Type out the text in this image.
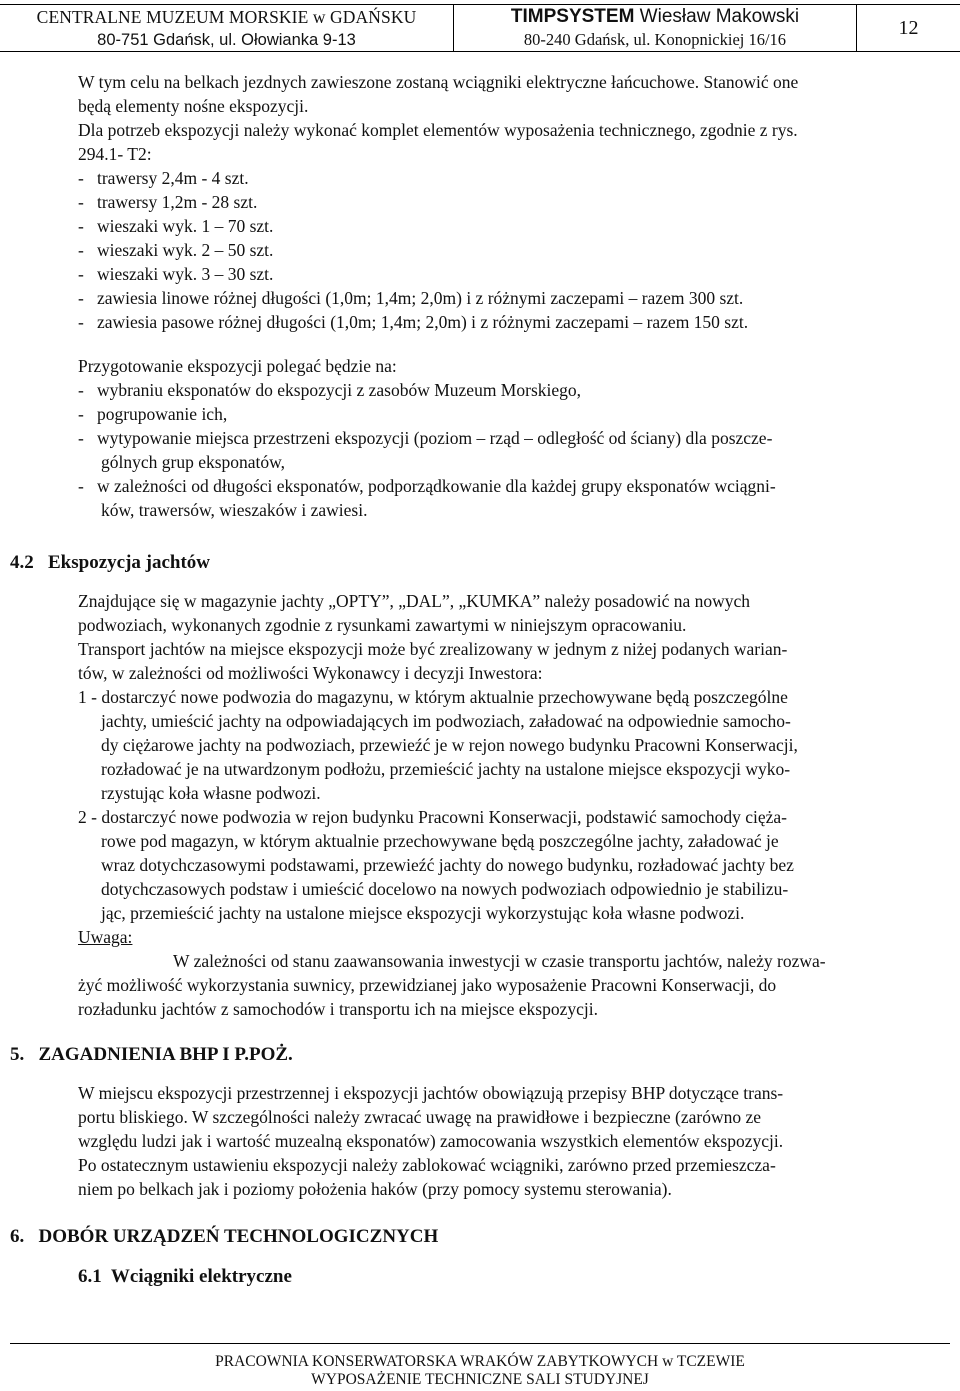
CENTRALNE MUZEUM MORSKIE w GDAŃSKU
80-751 Gdańsk, ul. Ołowianka 9-13
TIMPSYSTEM Wiesław Makowski
80-240 Gdańsk, ul. Konopnickiej 16/16
12
W tym celu na belkach jezdnych zawieszone zostaną wciągniki elektryczne łańcuchowe. Stanowić one
będą elementy nośne ekspozycji.
Dla potrzeb ekspozycji należy wykonać komplet elementów wyposażenia technicznego, zgodnie z rys.
294.1- T2:
-   trawersy 2,4m - 4 szt.
-   trawersy 1,2m - 28 szt.
-   wieszaki wyk. 1 – 70 szt.
-   wieszaki wyk. 2 – 50 szt.
-   wieszaki wyk. 3 – 30 szt.
-   zawiesia linowe różnej długości (1,0m; 1,4m; 2,0m) i z różnymi zaczepami – razem 300 szt.
-   zawiesia pasowe różnej długości (1,0m; 1,4m; 2,0m) i z różnymi zaczepami – razem 150 szt.
Przygotowanie ekspozycji polegać będzie na:
-   wybraniu eksponatów do ekspozycji z zasobów Muzeum Morskiego,
-   pogrupowanie ich,
-   wytypowanie miejsca przestrzeni ekspozycji (poziom – rząd – odległość od ściany) dla poszcze-
gólnych grup eksponatów,
-   w zależności od długości eksponatów, podporządkowanie dla każdej grupy eksponatów wciągni-
ków, trawersów, wieszaków i zawiesi.
4.2   Ekspozycja jachtów
Znajdujące się w magazynie jachty „OPTY”, „DAL”, „KUMKA” należy posadowić na nowych
podwoziach, wykonanych zgodnie z rysunkami zawartymi w niniejszym opracowaniu.
Transport jachtów na miejsce ekspozycji może być zrealizowany w jednym z niżej podanych warian-
tów, w zależności od możliwości Wykonawcy i decyzji Inwestora:
1 - dostarczyć nowe podwozia do magazynu, w którym aktualnie przechowywane będą poszczególne
jachty, umieścić jachty na odpowiadających im podwoziach, załadować na odpowiednie samocho-
dy ciężarowe jachty na podwoziach, przewieźć je w rejon nowego budynku Pracowni Konserwacji,
rozładować je na utwardzonym podłożu, przemieścić jachty na ustalone miejsce ekspozycji wyko-
rzystując koła własne podwozi.
2 - dostarczyć nowe podwozia w rejon budynku Pracowni Konserwacji, podstawić samochody cięża-
rowe pod magazyn, w którym aktualnie przechowywane będą poszczególne jachty, załadować je
wraz dotychczasowymi podstawami, przewieźć jachty do nowego budynku, rozładować jachty bez
dotychczasowych podstaw i umieścić docelowo na nowych podwoziach odpowiednio je stabilizu-
jąc, przemieścić jachty na ustalone miejsce ekspozycji wykorzystując koła własne podwozi.
Uwaga:
W zależności od stanu zaawansowania inwestycji w czasie transportu jachtów, należy rozwa-
żyć możliwość wykorzystania suwnicy, przewidzianej jako wyposażenie Pracowni Konserwacji, do
rozładunku jachtów z samochodów i transportu ich na miejsce ekspozycji.
5.   ZAGADNIENIA BHP I P.POŻ.
W miejscu ekspozycji przestrzennej i ekspozycji jachtów obowiązują przepisy BHP dotyczące trans-
portu bliskiego. W szczególności należy zwracać uwagę na prawidłowe i bezpieczne (zarówno ze
względu ludzi jak i wartość muzealną eksponatów) zamocowania wszystkich elementów ekspozycji.
Po ostatecznym ustawieniu ekspozycji należy zablokować wciągniki, zarówno przed przemieszcza-
niem po belkach jak i poziomy położenia haków (przy pomocy systemu sterowania).
6.   DOBÓR URZĄDZEŃ TECHNOLOGICZNYCH
6.1  Wciągniki elektryczne
PRACOWNIA KONSERWATORSKA WRAKÓW ZABYTKOWYCH w TCZEWIE
WYPOSAŻENIE TECHNICZNE SALI STUDYJNEJ
